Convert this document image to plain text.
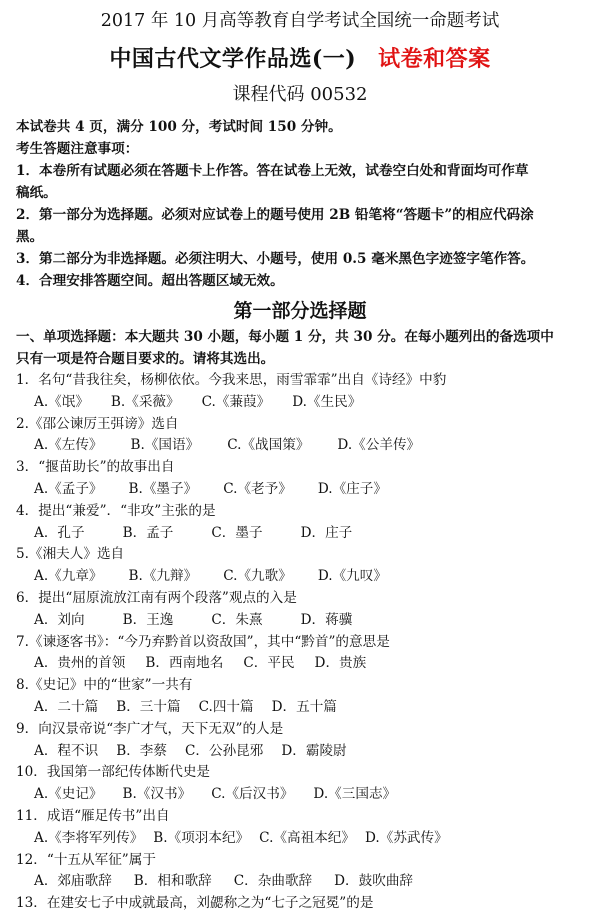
2017 年 10 月高等教育自学考试全国统一命题考试
中国古代文学作品选(一) 试卷和答案
课程代码 00532
本试卷共 4 页，满分 100 分，考试时间 150 分钟。
考生答题注意事项：
1．本卷所有试题必须在答题卡上作答。答在试卷上无效，试卷空白处和背面均可作草
稿纸。
2．第一部分为选择题。必须对应试卷上的题号使用 2B 铅笔将“答题卡”的相应代码涂
黑。
3．第二部分为非选择题。必须注明大、小题号，使用 0.5 毫米黑色字迹签字笔作答。
4．合理安排答题空间。超出答题区域无效。
第一部分选择题
一、单项选择题：本大题共 30 小题，每小题 1 分，共 30 分。在每小题列出的备选项中
只有一项是符合题目要求的。请将其选出。
1．名句“昔我往矣，杨柳依依。今我来思，雨雪霏霏”出自《诗经》中豹
A.《氓》 B.《采薇》 C.《蒹葭》 D.《生民》
2.《邵公谏厉王弭谤》选自
A.《左传》 B.《国语》 C.《战国策》 D.《公羊传》
3．“揠苗助长”的故事出自
A.《孟子》 B.《墨子》 C.《老予》 D.《庄子》
4．提出“兼爱”．“非攻”主张的是
A．孔子	B．孟子	C．墨子	D．庄子
5.《湘夫人》选自
A.《九章》 B.《九辩》 C.《九歌》 D.《九叹》
6．提出“屈原流放江南有两个段落”观点的入是
A．刘向	B．王逸	C．朱熹	D．蒋骥
7.《谏逐客书》：“今乃弃黔首以资敌国”，其中“黔首”的意思是
A．贵州的首领 B．西南地名 C．平民 D．贵族
8.《史记》中的“世家”一共有
A．二十篇 B．三十篇 C.四十篇 D．五十篇
9．向汉景帝说“李广才气，天下无双”的人是
A．程不识 B．李蔡 C．公孙昆邪 D．霸陵尉
10．我国第一部纪传体断代史是
A.《史记》 B.《汉书》 C.《后汉书》 D.《三国志》
11．成语“雁足传书”出自
A.《李将军列传》 B.《项羽本纪》 C.《高祖本纪》 D.《苏武传》
12．“十五从军征”属于
A．郊庙歌辞 B．相和歌辞 C．杂曲歌辞 D．鼓吹曲辞
13．在建安七子中成就最高，刘勰称之为“七子之冠冕”的是
